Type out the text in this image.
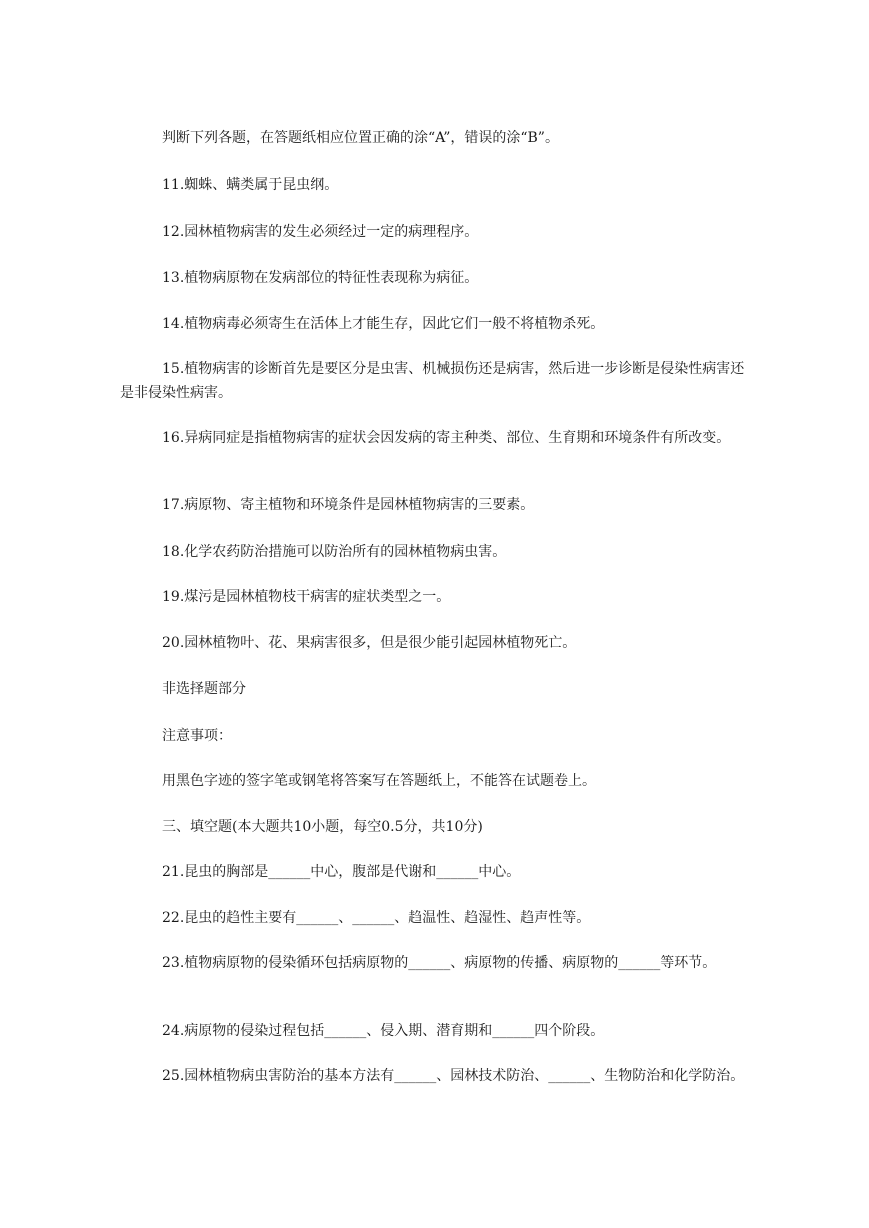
判断下列各题，在答题纸相应位置正确的涂“A”，错误的涂“B”。

11.蜘蛛、螨类属于昆虫纲。

12.园林植物病害的发生必须经过一定的病理程序。

13.植物病原物在发病部位的特征性表现称为病征。

14.植物病毒必须寄生在活体上才能生存，因此它们一般不将植物杀死。

15.植物病害的诊断首先是要区分是虫害、机械损伤还是病害，然后进一步诊断是侵染性病害还是非侵染性病害。

16.异病同症是指植物病害的症状会因发病的寄主种类、部位、生育期和环境条件有所改变。

17.病原物、寄主植物和环境条件是园林植物病害的三要素。

18.化学农药防治措施可以防治所有的园林植物病虫害。

19.煤污是园林植物枝干病害的症状类型之一。

20.园林植物叶、花、果病害很多，但是很少能引起园林植物死亡。

非选择题部分

注意事项：

用黑色字迹的签字笔或钢笔将答案写在答题纸上，不能答在试题卷上。

三、填空题(本大题共10小题，每空0.5分，共10分)

21.昆虫的胸部是______中心，腹部是代谢和______中心。

22.昆虫的趋性主要有______、______、趋温性、趋湿性、趋声性等。

23.植物病原物的侵染循环包括病原物的______、病原物的传播、病原物的______等环节。

24.病原物的侵染过程包括______、侵入期、潜育期和______四个阶段。

25.园林植物病虫害防治的基本方法有______、园林技术防治、______、生物防治和化学防治。
